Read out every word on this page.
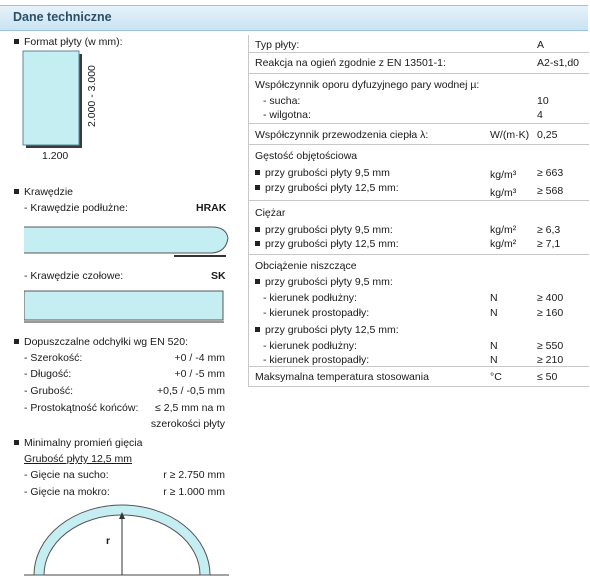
Dane techniczne
Format płyty (w mm):
2.000 - 3.000
1.200
Krawędzie
- Krawędzie podłużne:	HRAK
- Krawędzie czołowe:	SK
Dopuszczalne odchyłki wg EN 520:
- Szerokość:	+0 / -4 mm
- Długość:	+0 / -5 mm
- Grubość:	+0,5 / -0,5 mm
- Prostokątność końców:	≤ 2,5 mm na m
szerokości płyty
Minimalny promień gięcia
Grubość płyty 12,5 mm
- Gięcie na sucho:	r ≥ 2.750 mm
- Gięcie na mokro:	r ≥ 1.000 mm
r
Typ płyty:	A
Reakcja na ogień zgodnie z EN 13501-1:	A2-s1,d0
Współczynnik oporu dyfuzyjnego pary wodnej µ:
- sucha:	10
- wilgotna:	4
Współczynnik przewodzenia ciepła λ:	W/(m·K) 0,25
Gęstość objętościowa
przy grubości płyty 9,5 mm	kg/m³ ≥ 663
przy grubości płyty 12,5 mm:	kg/m³ ≥ 568
Ciężar
przy grubości płyty 9,5 mm:	kg/m² ≥ 6,3
przy grubości płyty 12,5 mm:	kg/m² ≥ 7,1
Obciążenie niszczące
przy grubości płyty 9,5 mm:
- kierunek podłużny:	N	≥ 400
- kierunek prostopadły:	N	≥ 160
przy grubości płyty 12,5 mm:
- kierunek podłużny:	N	≥ 550
- kierunek prostopadły:	N	≥ 210
Maksymalna temperatura stosowania	°C	≤ 50
